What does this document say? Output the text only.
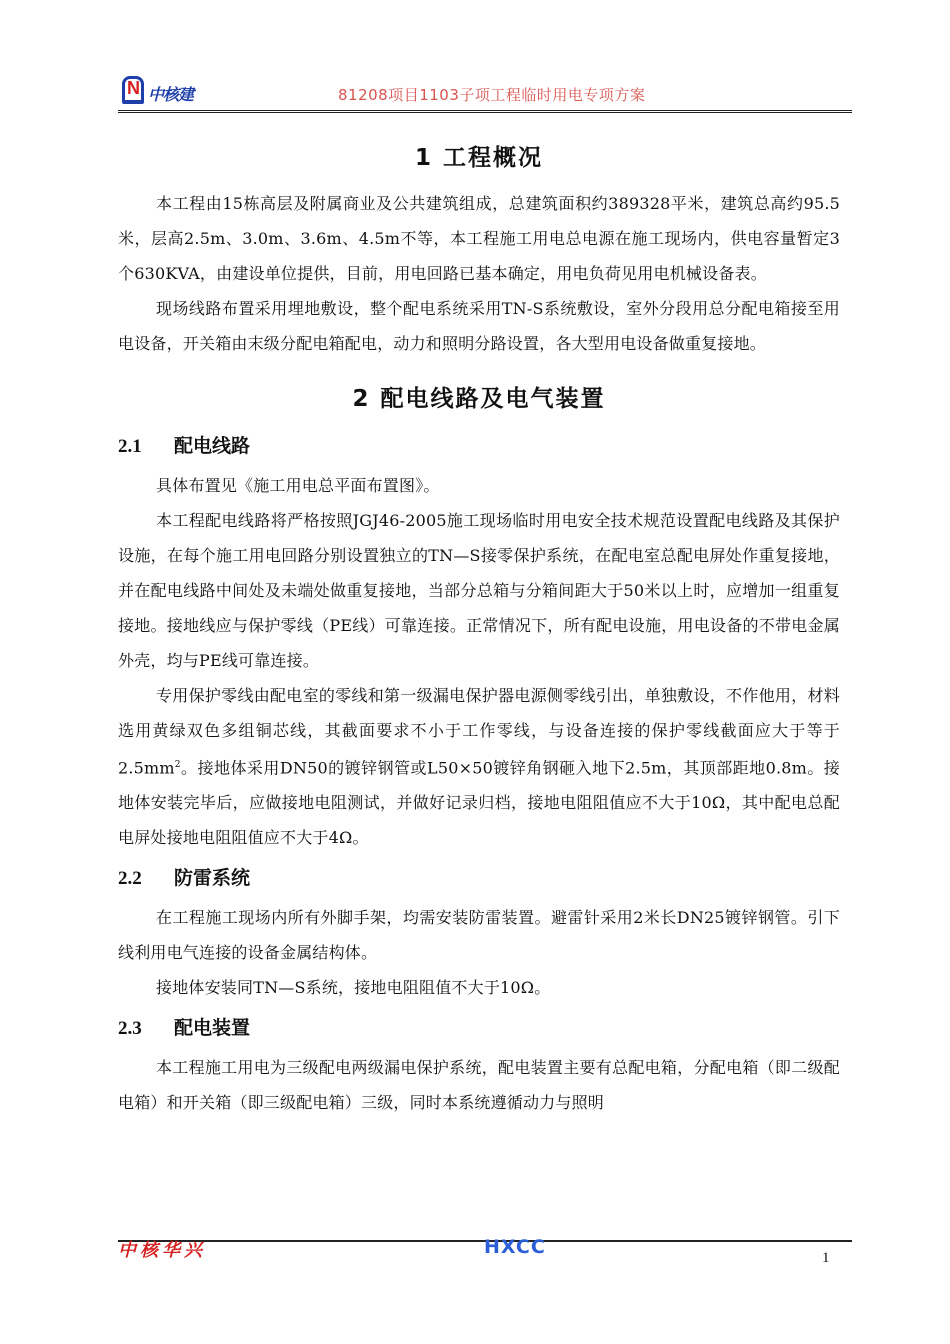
N 中核建	81208项目1103子项工程临时用电专项方案
1 工程概况

本工程由15栋高层及附属商业及公共建筑组成，总建筑面积约389328平米，建筑总高约95.5米，层高2.5m、3.0m、3.6m、4.5m不等，本工程施工用电总电源在施工现场内，供电容量暂定3个630KVA，由建设单位提供，目前，用电回路已基本确定，用电负荷见用电机械设备表。

现场线路布置采用埋地敷设，整个配电系统采用TN-S系统敷设，室外分段用总分配电箱接至用电设备，开关箱由末级分配电箱配电，动力和照明分路设置，各大型用电设备做重复接地。

2 配电线路及电气装置
2.1 配电线路

具体布置见《施工用电总平面布置图》。

本工程配电线路将严格按照JGJ46-2005施工现场临时用电安全技术规范设置配电线路及其保护设施，在每个施工用电回路分别设置独立的TN—S接零保护系统，在配电室总配电屏处作重复接地，并在配电线路中间处及未端处做重复接地，当部分总箱与分箱间距大于50米以上时，应增加一组重复接地。接地线应与保护零线（PE线）可靠连接。正常情况下，所有配电设施，用电设备的不带电金属外壳，均与PE线可靠连接。

专用保护零线由配电室的零线和第一级漏电保护器电源侧零线引出，单独敷设，不作他用，材料选用黄绿双色多组铜芯线，其截面要求不小于工作零线，与设备连接的保护零线截面应大于等于$2.5mm^2$。接地体采用DN50的镀锌钢管或L50×50镀锌角钢砸入地下2.5m，其顶部距地0.8m。接地体安装完毕后，应做接地电阻测试，并做好记录归档，接地电阻阻值应不大于10Ω，其中配电总配电屏处接地电阻阻值应不大于4Ω。

2.2 防雷系统

在工程施工现场内所有外脚手架，均需安装防雷装置。避雷针采用2米长DN25镀锌钢管。引下线利用电气连接的设备金属结构体。

接地体安装同TN—S系统，接地电阻阻值不大于10Ω。

2.3 配电装置

本工程施工用电为三级配电两级漏电保护系统，配电装置主要有总配电箱，分配电箱（即二级配电箱）和开关箱（即三级配电箱）三级，同时本系统遵循动力与照明

中核华兴	HXCC	1
